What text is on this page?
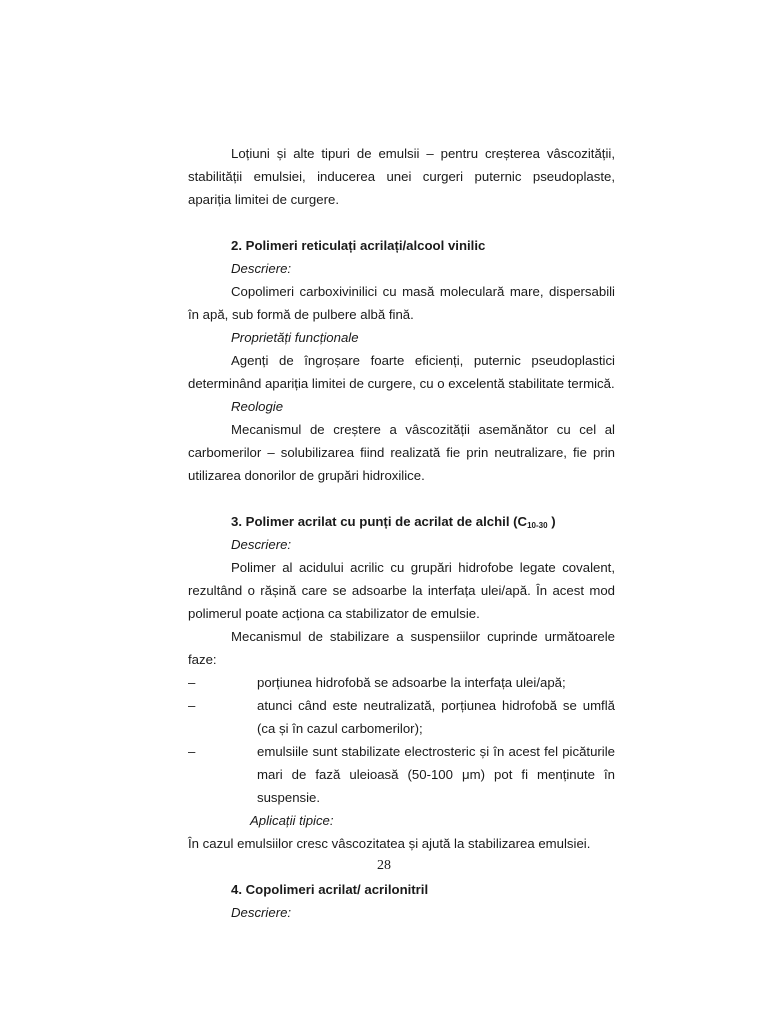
Loțiuni și alte tipuri de emulsii – pentru creșterea vâscozității, stabilității emulsiei, inducerea unei curgeri puternic pseudoplaste, apariția limitei de curgere.

2. Polimeri reticulați acrilați/alcool vinilic

Descriere:

Copolimeri carboxivinilici cu masă moleculară mare, dispersabili în apă, sub formă de pulbere albă fină.

Proprietăți funcționale

Agenți de îngroșare foarte eficienți, puternic pseudoplastici determinând apariția limitei de curgere, cu o excelentă stabilitate termică.

Reologie

Mecanismul de creștere a vâscozității asemănător cu cel al carbomerilor – solubilizarea fiind realizată fie prin neutralizare, fie prin utilizarea donorilor de grupări hidroxilice.

3. Polimer acrilat cu punți de acrilat de alchil ($C_{10-30}$ )

Descriere:

Polimer al acidului acrilic cu grupări hidrofobe legate covalent, rezultând o rășină care se adsoarbe la interfața ulei/apă. În acest mod polimerul poate acționa ca stabilizator de emulsie.

Mecanismul de stabilizare a suspensiilor cuprinde următoarele faze:

–	porțiunea hidrofobă se adsoarbe la interfața ulei/apă;
–	atunci când este neutralizată, porțiunea hidrofobă se umflă (ca și în cazul carbomerilor);
–	emulsiile sunt stabilizate electrosteric și în acest fel picăturile mari de fază uleioasă (50-100 μm) pot fi menținute în suspensie.

Aplicații tipice:

În cazul emulsiilor cresc vâscozitatea și ajută la stabilizarea emulsiei.

4. Copolimeri acrilat/ acrilonitril

Descriere:

28
